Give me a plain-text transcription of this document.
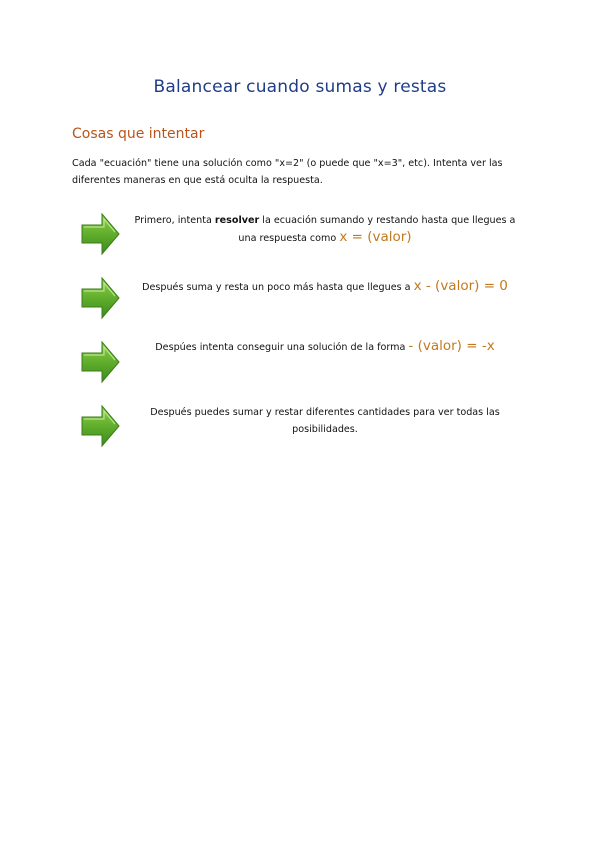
Balancear cuando sumas y restas
Cosas que intentar
Cada "ecuación" tiene una solución como "x=2" (o puede que "x=3", etc). Intenta ver las diferentes maneras en que está oculta la respuesta.
Primero, intenta resolver la ecuación sumando y restando hasta que llegues a una respuesta como x = (valor)
Después suma y resta un poco más hasta que llegues a x - (valor) = 0
Despúes intenta conseguir una solución de la forma - (valor) = -x
Después puedes sumar y restar diferentes cantidades para ver todas las posibilidades.
